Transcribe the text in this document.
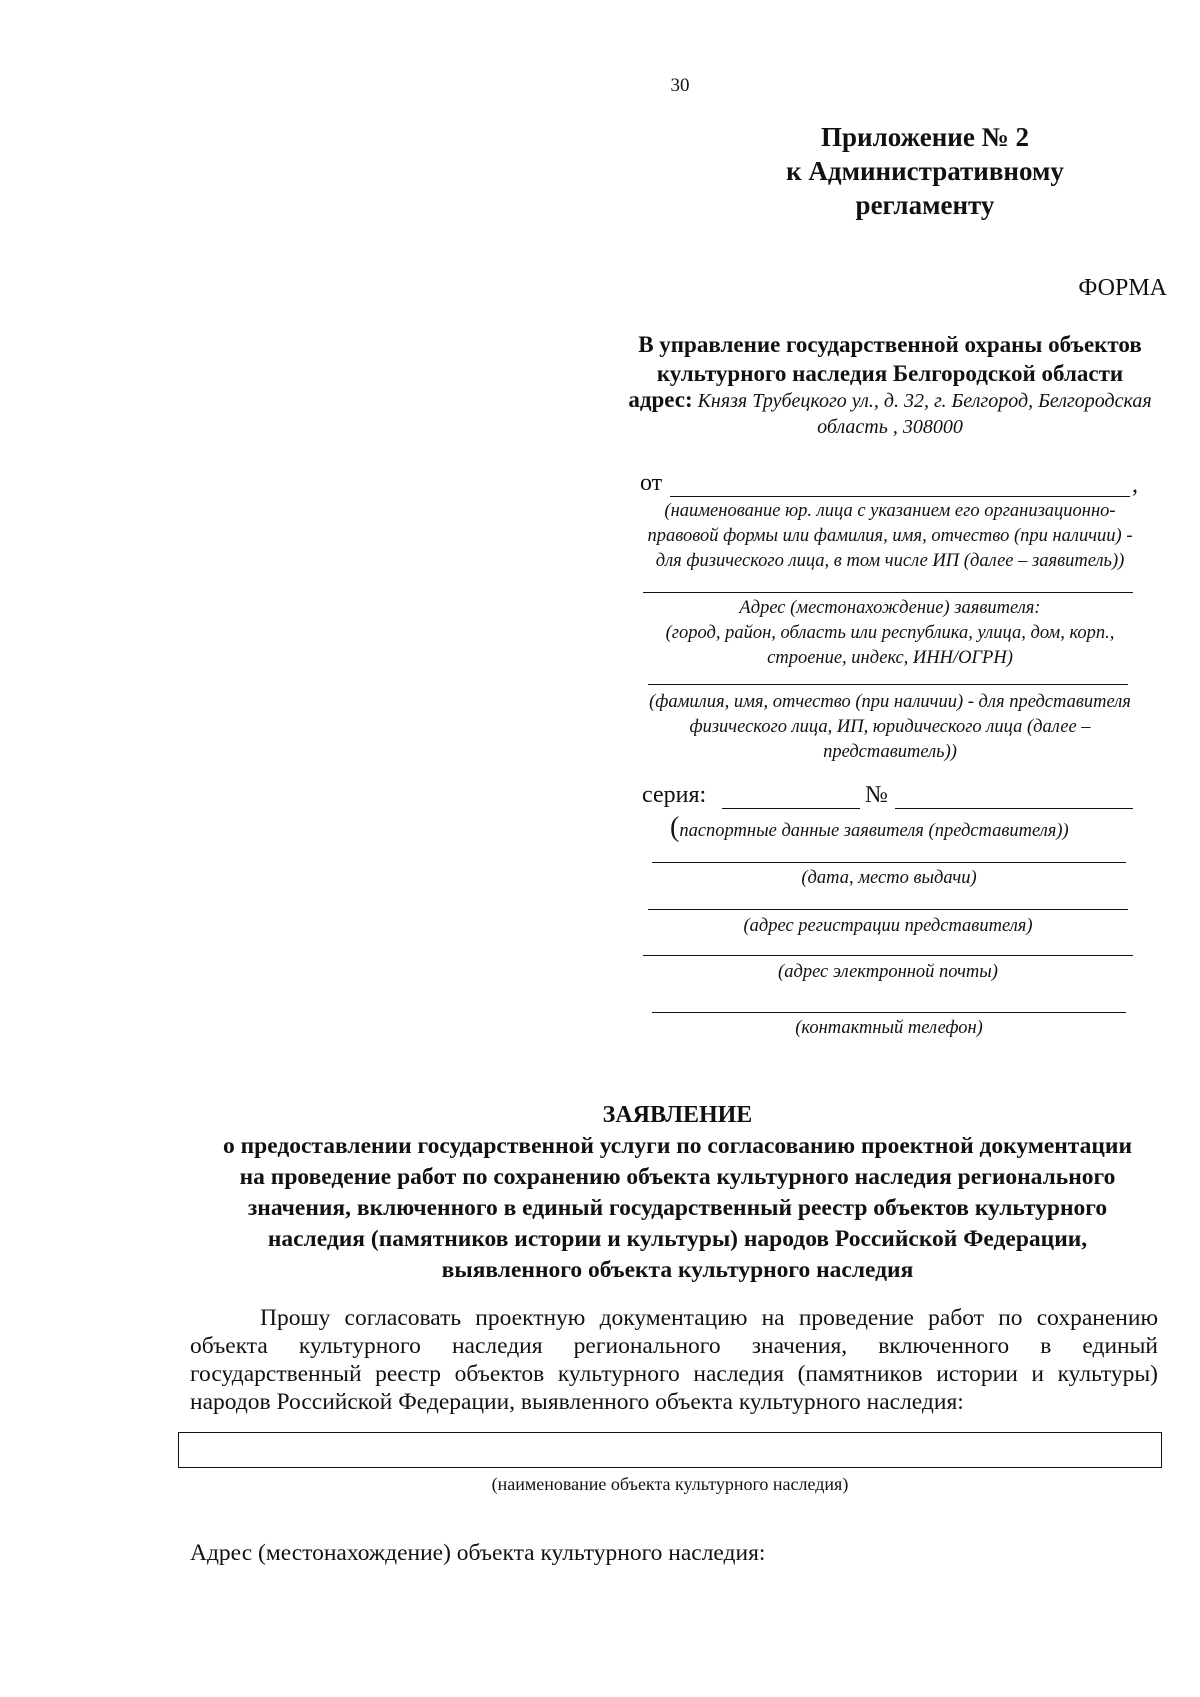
30
Приложение № 2
к Административному
регламенту
ФОРМА
В управление государственной охраны объектов
культурного наследия Белгородской области
адрес: Князя Трубецкого ул., д. 32, г. Белгород, Белгородская
область , 308000
от	,
(наименование юр. лица с указанием его организационно-
правовой формы или фамилия, имя, отчество (при наличии) -
для физического лица, в том числе ИП (далее – заявитель))
Адрес (местонахождение) заявителя:
(город, район, область или республика, улица, дом, корп.,
строение, индекс, ИНН/ОГРН)
(фамилия, имя, отчество (при наличии) - для представителя
физического лица, ИП, юридического лица (далее –
представитель))
серия:	№
(паспортные данные заявителя (представителя))
(дата, место выдачи)
(адрес регистрации представителя)
(адрес электронной почты)
(контактный телефон)
ЗАЯВЛЕНИЕ
о предоставлении государственной услуги по согласованию проектной документации
на проведение работ по сохранению объекта культурного наследия регионального
значения, включенного в единый государственный реестр объектов культурного
наследия (памятников истории и культуры) народов Российской Федерации,
выявленного объекта культурного наследия
Прошу согласовать проектную документацию на проведение работ по сохранению объекта культурного наследия регионального значения, включенного в единый государственный реестр объектов культурного наследия (памятников истории и культуры) народов Российской Федерации, выявленного объекта культурного наследия:
(наименование объекта культурного наследия)
Адрес (местонахождение) объекта культурного наследия:
